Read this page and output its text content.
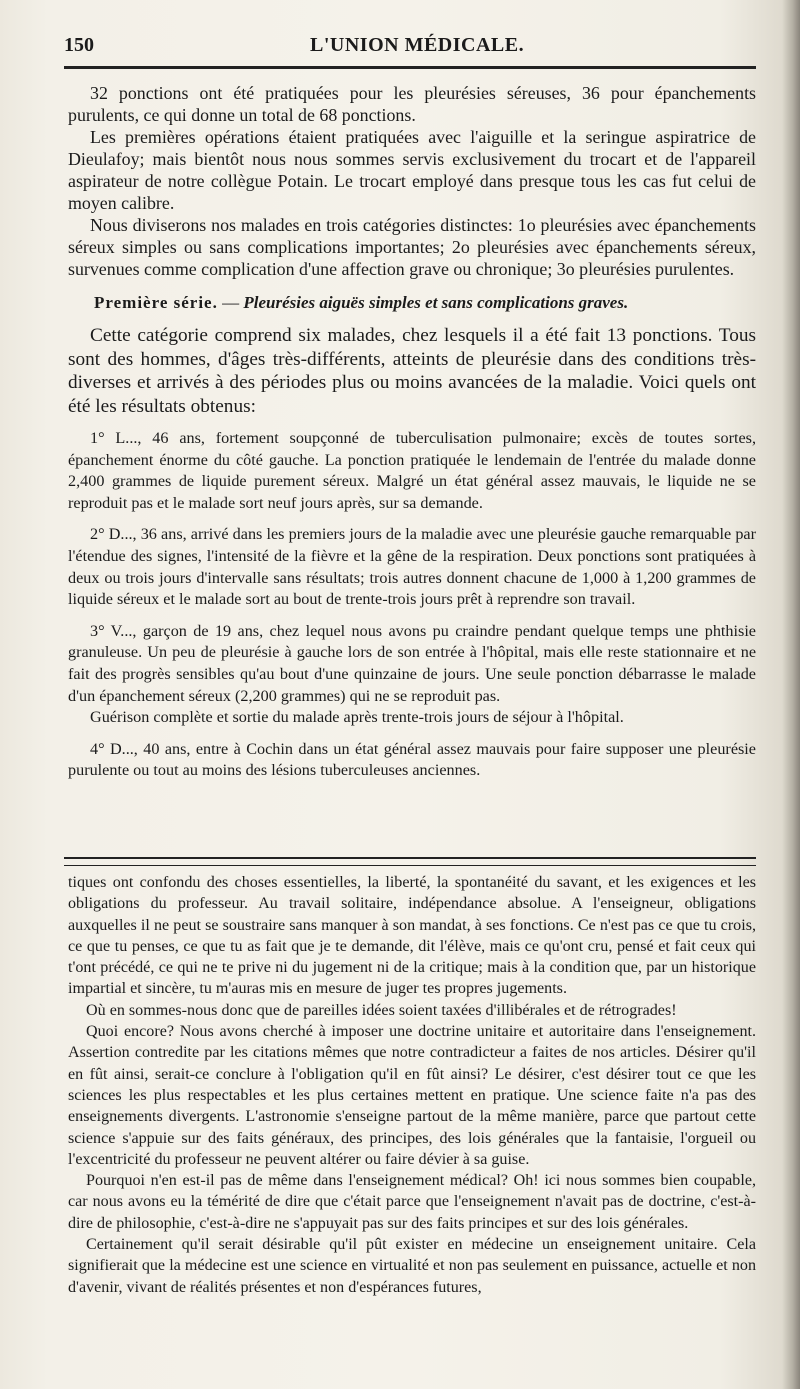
150	L'UNION MÉDICALE.

32 ponctions ont été pratiquées pour les pleurésies séreuses, 36 pour épanchements purulents, ce qui donne un total de 68 ponctions.

Les premières opérations étaient pratiquées avec l'aiguille et la seringue aspiratrice de Dieulafoy; mais bientôt nous nous sommes servis exclusivement du trocart et de l'appareil aspirateur de notre collègue Potain. Le trocart employé dans presque tous les cas fut celui de moyen calibre.

Nous diviserons nos malades en trois catégories distinctes: 1o pleurésies avec épanchements séreux simples ou sans complications importantes; 2o pleurésies avec épanchements séreux, survenues comme complication d'une affection grave ou chronique; 3o pleurésies purulentes.

Première série. — Pleurésies aiguës simples et sans complications graves.

Cette catégorie comprend six malades, chez lesquels il a été fait 13 ponctions. Tous sont des hommes, d'âges très-différents, atteints de pleurésie dans des conditions très-diverses et arrivés à des périodes plus ou moins avancées de la maladie. Voici quels ont été les résultats obtenus:

1° L..., 46 ans, fortement soupçonné de tuberculisation pulmonaire; excès de toutes sortes, épanchement énorme du côté gauche. La ponction pratiquée le lendemain de l'entrée du malade donne 2,400 grammes de liquide purement séreux. Malgré un état général assez mauvais, le liquide ne se reproduit pas et le malade sort neuf jours après, sur sa demande.

2° D..., 36 ans, arrivé dans les premiers jours de la maladie avec une pleurésie gauche remarquable par l'étendue des signes, l'intensité de la fièvre et la gêne de la respiration. Deux ponctions sont pratiquées à deux ou trois jours d'intervalle sans résultats; trois autres donnent chacune de 1,000 à 1,200 grammes de liquide séreux et le malade sort au bout de trente-trois jours prêt à reprendre son travail.

3° V..., garçon de 19 ans, chez lequel nous avons pu craindre pendant quelque temps une phthisie granuleuse. Un peu de pleurésie à gauche lors de son entrée à l'hôpital, mais elle reste stationnaire et ne fait des progrès sensibles qu'au bout d'une quinzaine de jours. Une seule ponction débarrasse le malade d'un épanchement séreux (2,200 grammes) qui ne se reproduit pas.

Guérison complète et sortie du malade après trente-trois jours de séjour à l'hôpital.

4° D..., 40 ans, entre à Cochin dans un état général assez mauvais pour faire supposer une pleurésie purulente ou tout au moins des lésions tuberculeuses anciennes.

tiques ont confondu des choses essentielles, la liberté, la spontanéité du savant, et les exigences et les obligations du professeur. Au travail solitaire, indépendance absolue. A l'enseigneur, obligations auxquelles il ne peut se soustraire sans manquer à son mandat, à ses fonctions. Ce n'est pas ce que tu crois, ce que tu penses, ce que tu as fait que je te demande, dit l'élève, mais ce qu'ont cru, pensé et fait ceux qui t'ont précédé, ce qui ne te prive ni du jugement ni de la critique; mais à la condition que, par un historique impartial et sincère, tu m'auras mis en mesure de juger tes propres jugements.

Où en sommes-nous donc que de pareilles idées soient taxées d'illibérales et de rétrogrades!

Quoi encore? Nous avons cherché à imposer une doctrine unitaire et autoritaire dans l'enseignement. Assertion contredite par les citations mêmes que notre contradicteur a faites de nos articles. Désirer qu'il en fût ainsi, serait-ce conclure à l'obligation qu'il en fût ainsi? Le désirer, c'est désirer tout ce que les sciences les plus respectables et les plus certaines mettent en pratique. Une science faite n'a pas des enseignements divergents. L'astronomie s'enseigne partout de la même manière, parce que partout cette science s'appuie sur des faits généraux, des principes, des lois générales que la fantaisie, l'orgueil ou l'excentricité du professeur ne peuvent altérer ou faire dévier à sa guise.

Pourquoi n'en est-il pas de même dans l'enseignement médical? Oh! ici nous sommes bien coupable, car nous avons eu la témérité de dire que c'était parce que l'enseignement n'avait pas de doctrine, c'est-à-dire de philosophie, c'est-à-dire ne s'appuyait pas sur des faits principes et sur des lois générales.

Certainement qu'il serait désirable qu'il pût exister en médecine un enseignement unitaire. Cela signifierait que la médecine est une science en virtualité et non pas seulement en puissance, actuelle et non d'avenir, vivant de réalités présentes et non d'espérances futures,
